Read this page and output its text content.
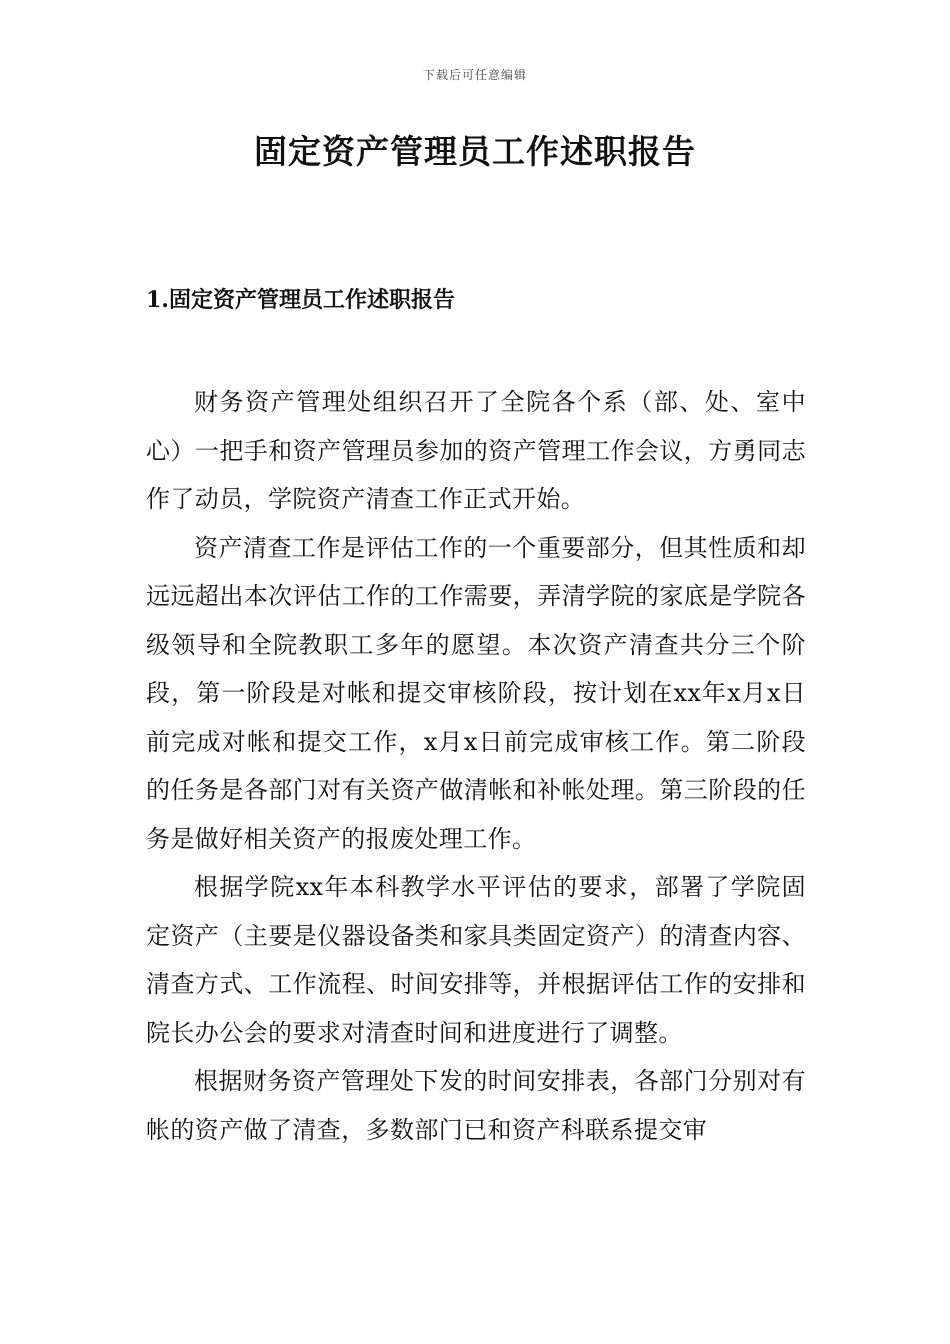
下载后可任意编辑
固定资产管理员工作述职报告
1.固定资产管理员工作述职报告

财务资产管理处组织召开了全院各个系（部、处、室中心）一把手和资产管理员参加的资产管理工作会议，方勇同志作了动员，学院资产清查工作正式开始。

资产清查工作是评估工作的一个重要部分，但其性质和却远远超出本次评估工作的工作需要，弄清学院的家底是学院各级领导和全院教职工多年的愿望。本次资产清查共分三个阶段，第一阶段是对帐和提交审核阶段，按计划在xx年x月x日前完成对帐和提交工作，x月x日前完成审核工作。第二阶段的任务是各部门对有关资产做清帐和补帐处理。第三阶段的任务是做好相关资产的报废处理工作。

根据学院xx年本科教学水平评估的要求，部署了学院固定资产（主要是仪器设备类和家具类固定资产）的清查内容、清查方式、工作流程、时间安排等，并根据评估工作的安排和院长办公会的要求对清查时间和进度进行了调整。

根据财务资产管理处下发的时间安排表，各部门分别对有帐的资产做了清查，多数部门已和资产科联系提交审
